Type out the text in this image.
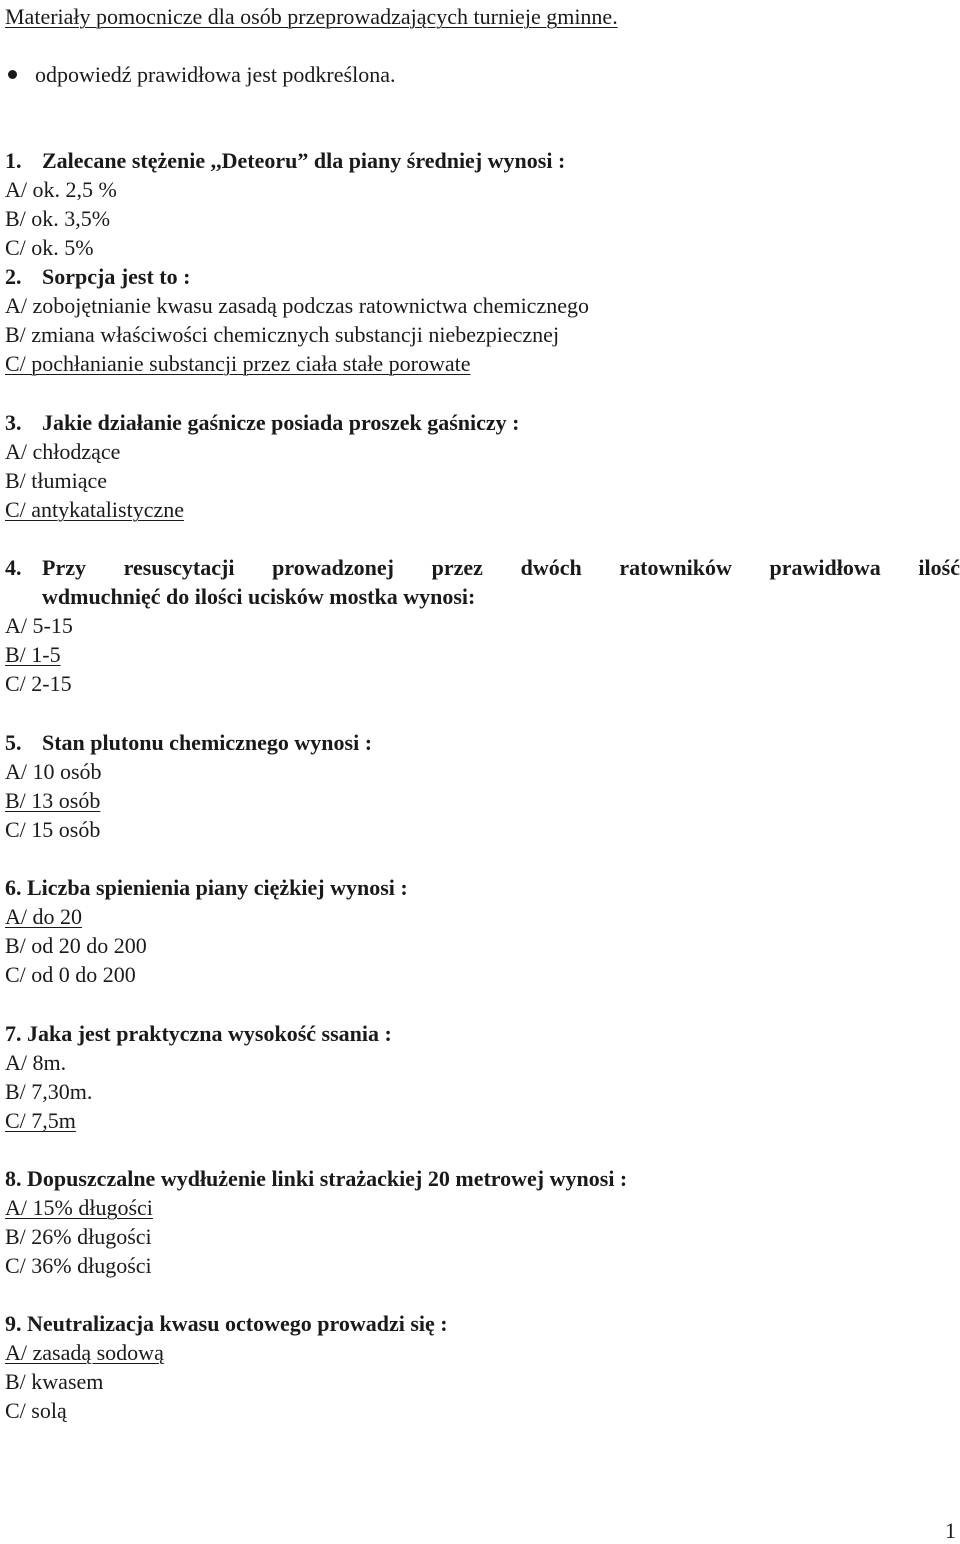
Materiały pomocnicze dla osób przeprowadzających turnieje gminne.
odpowiedź prawidłowa jest podkreślona.
1. Zalecane stężenie ,,Deteoru” dla piany średniej wynosi :
A/ ok. 2,5 %
B/ ok. 3,5%
C/ ok. 5%
2. Sorpcja jest to :
A/ zobojętnianie kwasu zasadą podczas ratownictwa chemicznego
B/ zmiana właściwości chemicznych substancji niebezpiecznej
C/ pochłanianie substancji przez ciała stałe porowate
3. Jakie działanie gaśnicze posiada proszek gaśniczy :
A/ chłodzące
B/ tłumiące
C/ antykatalistyczne
4. Przy resuscytacji prowadzonej przez dwóch ratowników prawidłowa ilość
wdmuchnięć do ilości ucisków mostka wynosi:
A/ 5-15
B/ 1-5
C/ 2-15
5. Stan plutonu chemicznego wynosi :
A/ 10 osób
B/ 13 osób
C/ 15 osób
6. Liczba spienienia piany ciężkiej wynosi :
A/ do 20
B/ od 20 do 200
C/ od 0 do 200
7. Jaka jest praktyczna wysokość ssania :
A/ 8m.
B/ 7,30m.
C/ 7,5m
8. Dopuszczalne wydłużenie linki strażackiej 20 metrowej wynosi :
A/ 15% długości
B/ 26% długości
C/ 36% długości
9. Neutralizacja kwasu octowego prowadzi się :
A/ zasadą sodową
B/ kwasem
C/ solą
1
